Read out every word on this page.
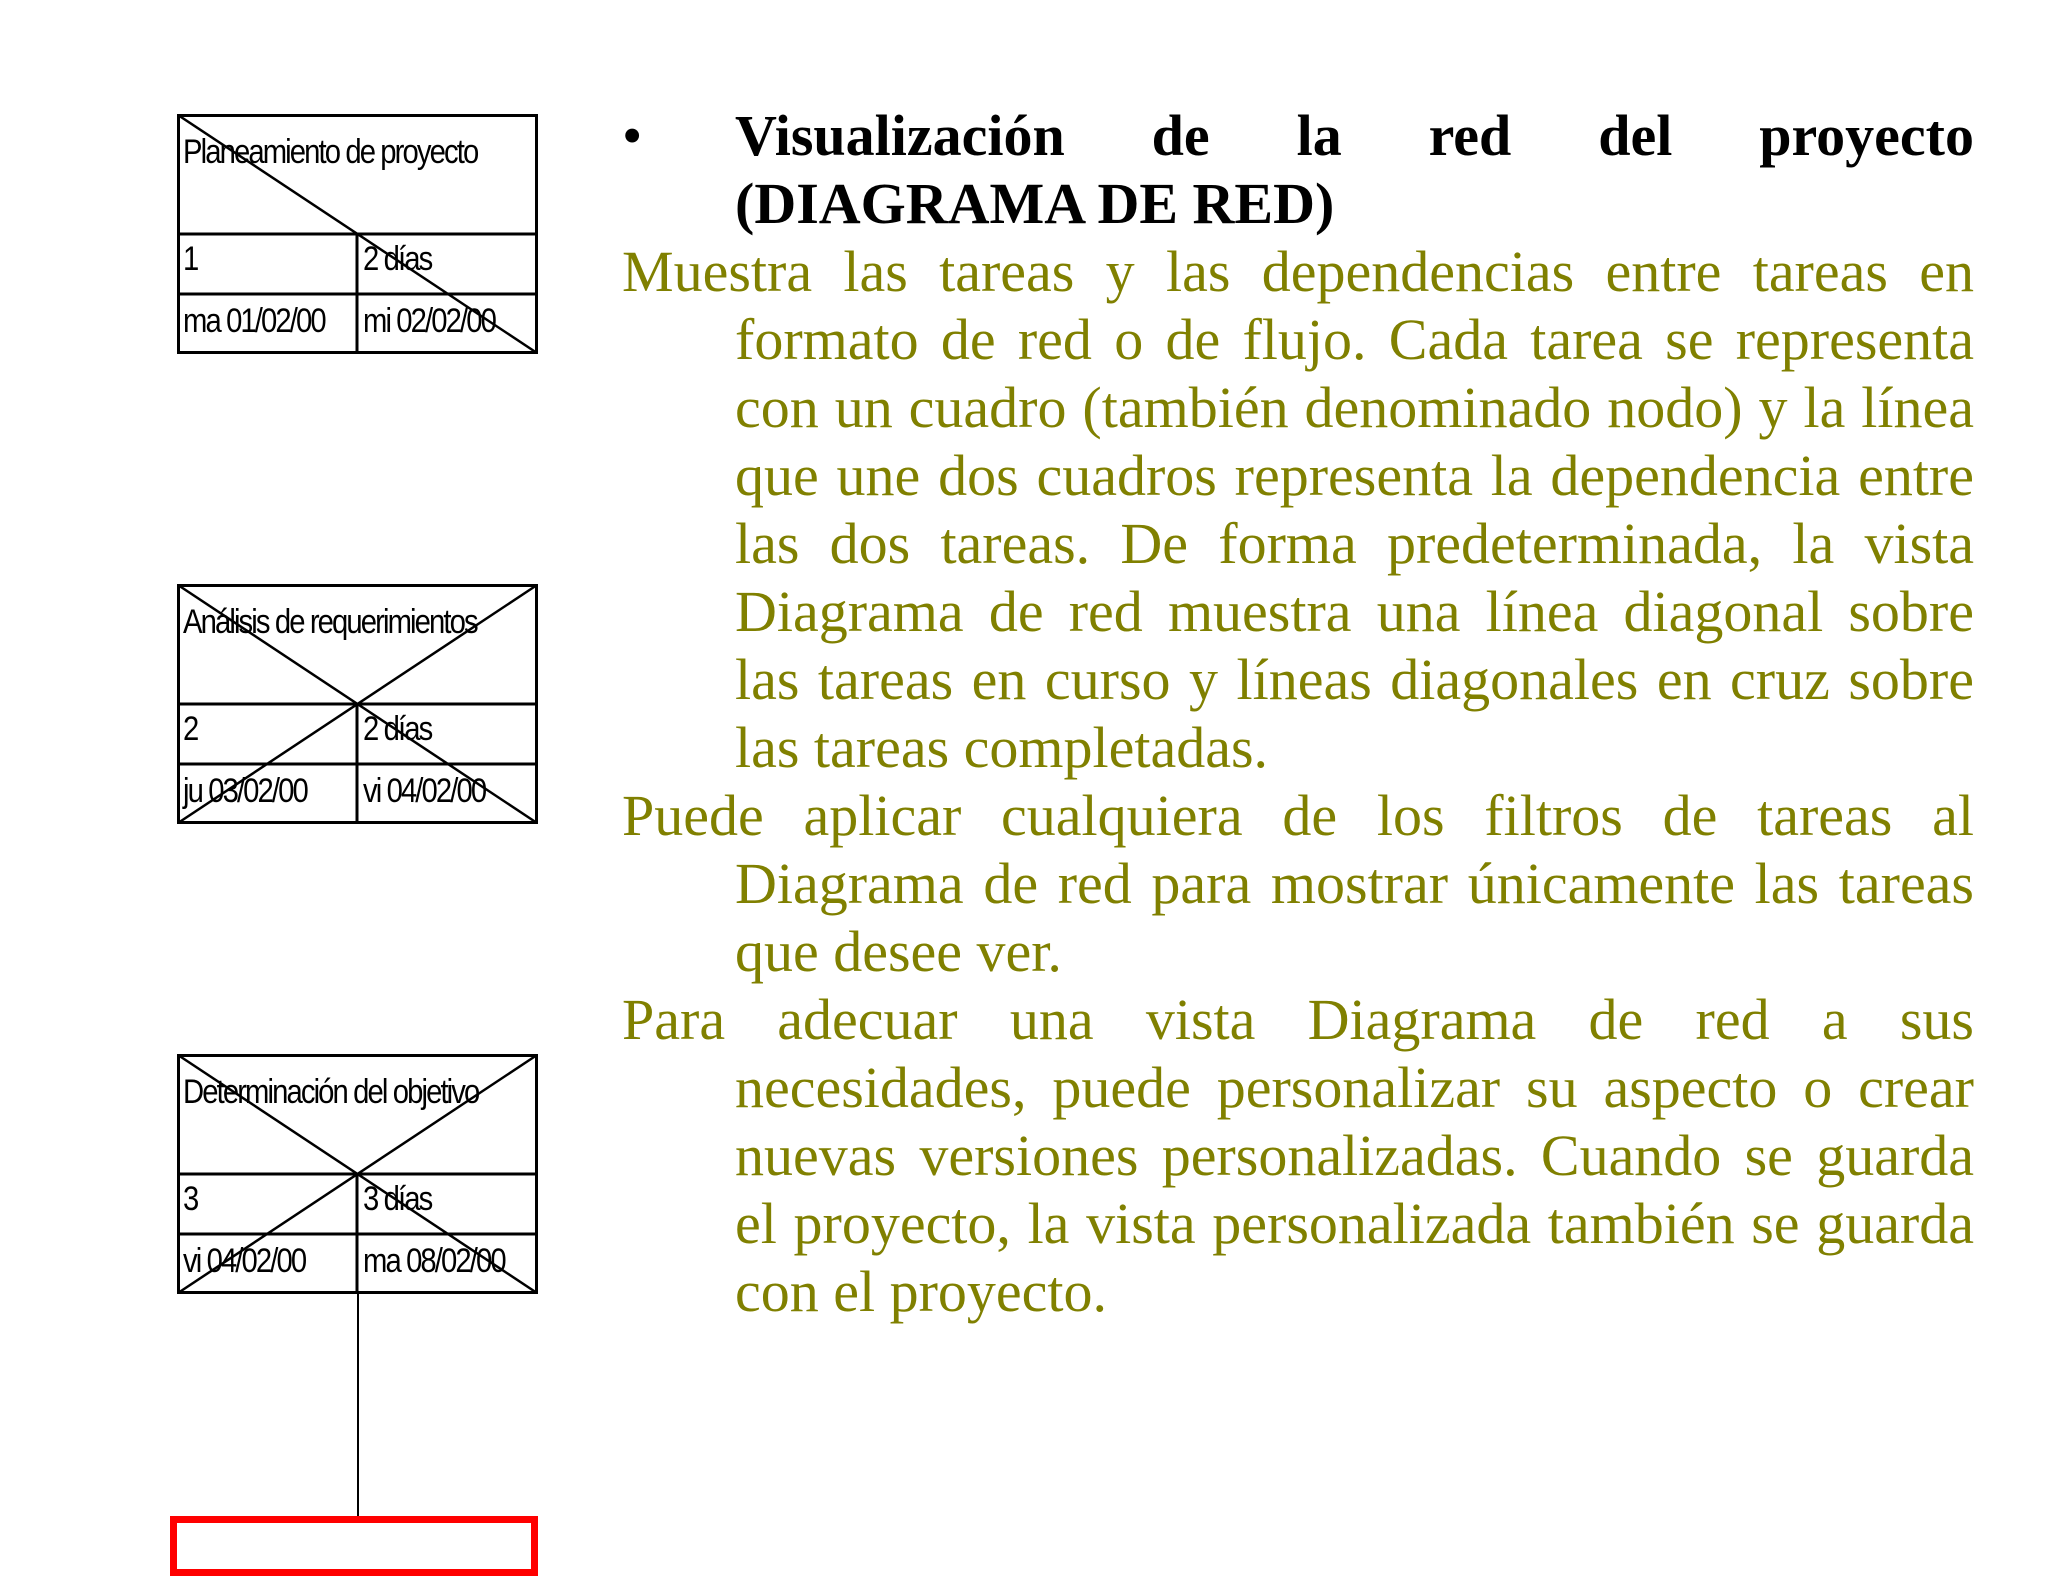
Planeamiento de proyecto
1	2 días
ma 01/02/00 mi 02/02/00
Análisis de requerimientos
2	2 días
ju 03/02/00 vi 04/02/00
Determinación del objetivo
3	3 días
vi 04/02/00 ma 08/02/00

• Visualización de la red del proyecto (DIAGRAMA DE RED)

Muestra las tareas y las dependencias entre tareas en formato de red o de flujo. Cada tarea se representa con un cuadro (también denominado nodo) y la línea que une dos cuadros representa la dependencia entre las dos tareas. De forma predeterminada, la vista Diagrama de red muestra una línea diagonal sobre las tareas en curso y líneas diagonales en cruz sobre las tareas completadas.

Puede aplicar cualquiera de los filtros de tareas al Diagrama de red para mostrar únicamente las tareas que desee ver.

Para adecuar una vista Diagrama de red a sus necesidades, puede personalizar su aspecto o crear nuevas versiones personalizadas. Cuando se guarda el proyecto, la vista personalizada también se guarda con el proyecto.
